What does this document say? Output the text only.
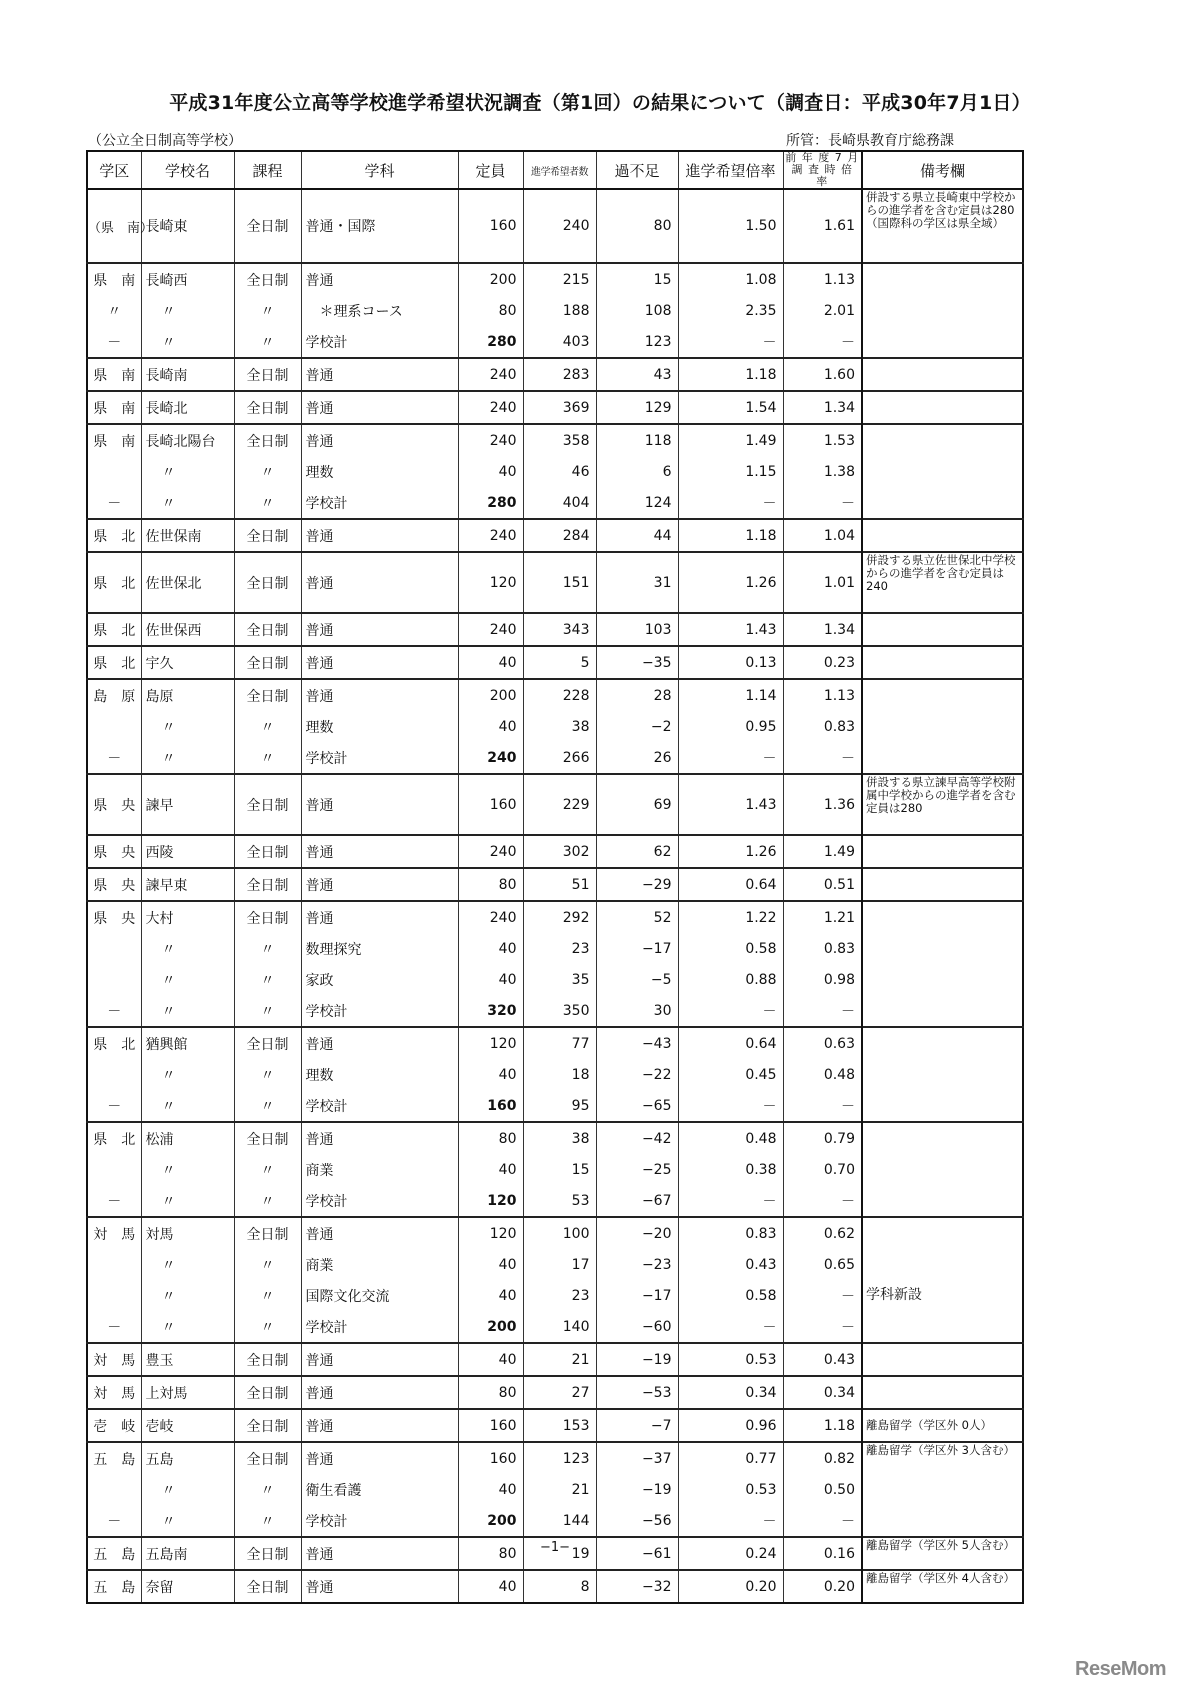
平成31年度公立高等学校進学希望状況調査（第1回）の結果について（調査日：平成30年7月1日）
（公立全日制高等学校）	所管：長崎県教育庁総務課
学区	学校名	課程	学科	定員	進学希望者数	過不足	進学希望倍率	前 年 度 7 月
調 査 時 倍 率	備考欄
（県　南）	長崎東	全日制	普通・国際	160	240	80	1.50	1.61	併設する県立長崎東中学校からの進学者を含む定員は280（国際科の学区は県全域）
県　南	長崎西	全日制	普通	200	215	15	1.08	1.13	
〃	〃	〃	　＊理系コース	80	188	108	2.35	2.01	
－	〃	〃	学校計	280	403	123	－	－	
県　南	長崎南	全日制	普通	240	283	43	1.18	1.60	
県　南	長崎北	全日制	普通	240	369	129	1.54	1.34	
県　南	長崎北陽台	全日制	普通	240	358	118	1.49	1.53	
	〃	〃	理数	40	46	6	1.15	1.38	
－	〃	〃	学校計	280	404	124	－	－	
県　北	佐世保南	全日制	普通	240	284	44	1.18	1.04	
県　北	佐世保北	全日制	普通	120	151	31	1.26	1.01	併設する県立佐世保北中学校からの進学者を含む定員は240
県　北	佐世保西	全日制	普通	240	343	103	1.43	1.34	
県　北	宇久	全日制	普通	40	5	−35	0.13	0.23	
島　原	島原	全日制	普通	200	228	28	1.14	1.13	
	〃	〃	理数	40	38	−2	0.95	0.83	
－	〃	〃	学校計	240	266	26	－	－	
県　央	諫早	全日制	普通	160	229	69	1.43	1.36	併設する県立諫早高等学校附属中学校からの進学者を含む定員は280
県　央	西陵	全日制	普通	240	302	62	1.26	1.49	
県　央	諫早東	全日制	普通	80	51	−29	0.64	0.51	
県　央	大村	全日制	普通	240	292	52	1.22	1.21	
	〃	〃	数理探究	40	23	−17	0.58	0.83	
	〃	〃	家政	40	35	−5	0.88	0.98	
－	〃	〃	学校計	320	350	30	－	－	
県　北	猶興館	全日制	普通	120	77	−43	0.64	0.63	
	〃	〃	理数	40	18	−22	0.45	0.48	
－	〃	〃	学校計	160	95	−65	－	－	
県　北	松浦	全日制	普通	80	38	−42	0.48	0.79	
	〃	〃	商業	40	15	−25	0.38	0.70	
－	〃	〃	学校計	120	53	−67	－	－	
対　馬	対馬	全日制	普通	120	100	−20	0.83	0.62	
	〃	〃	商業	40	17	−23	0.43	0.65	
	〃	〃	国際文化交流	40	23	−17	0.58	－	学科新設
－	〃	〃	学校計	200	140	−60	－	－	
対　馬	豊玉	全日制	普通	40	21	−19	0.53	0.43	
対　馬	上対馬	全日制	普通	80	27	−53	0.34	0.34	
壱　岐	壱岐	全日制	普通	160	153	−7	0.96	1.18	離島留学（学区外 0人）
五　島	五島	全日制	普通	160	123	−37	0.77	0.82	離島留学（学区外 3人含む）
	〃	〃	衛生看護	40	21	−19	0.53	0.50	
－	〃	〃	学校計	200	144	−56	－	－	
五　島	五島南	全日制	普通	80	19	−61	0.24	0.16	離島留学（学区外 5人含む）
五　島	奈留	全日制	普通	40	8	−32	0.20	0.20	離島留学（学区外 4人含む）
−1−
ReseMom
